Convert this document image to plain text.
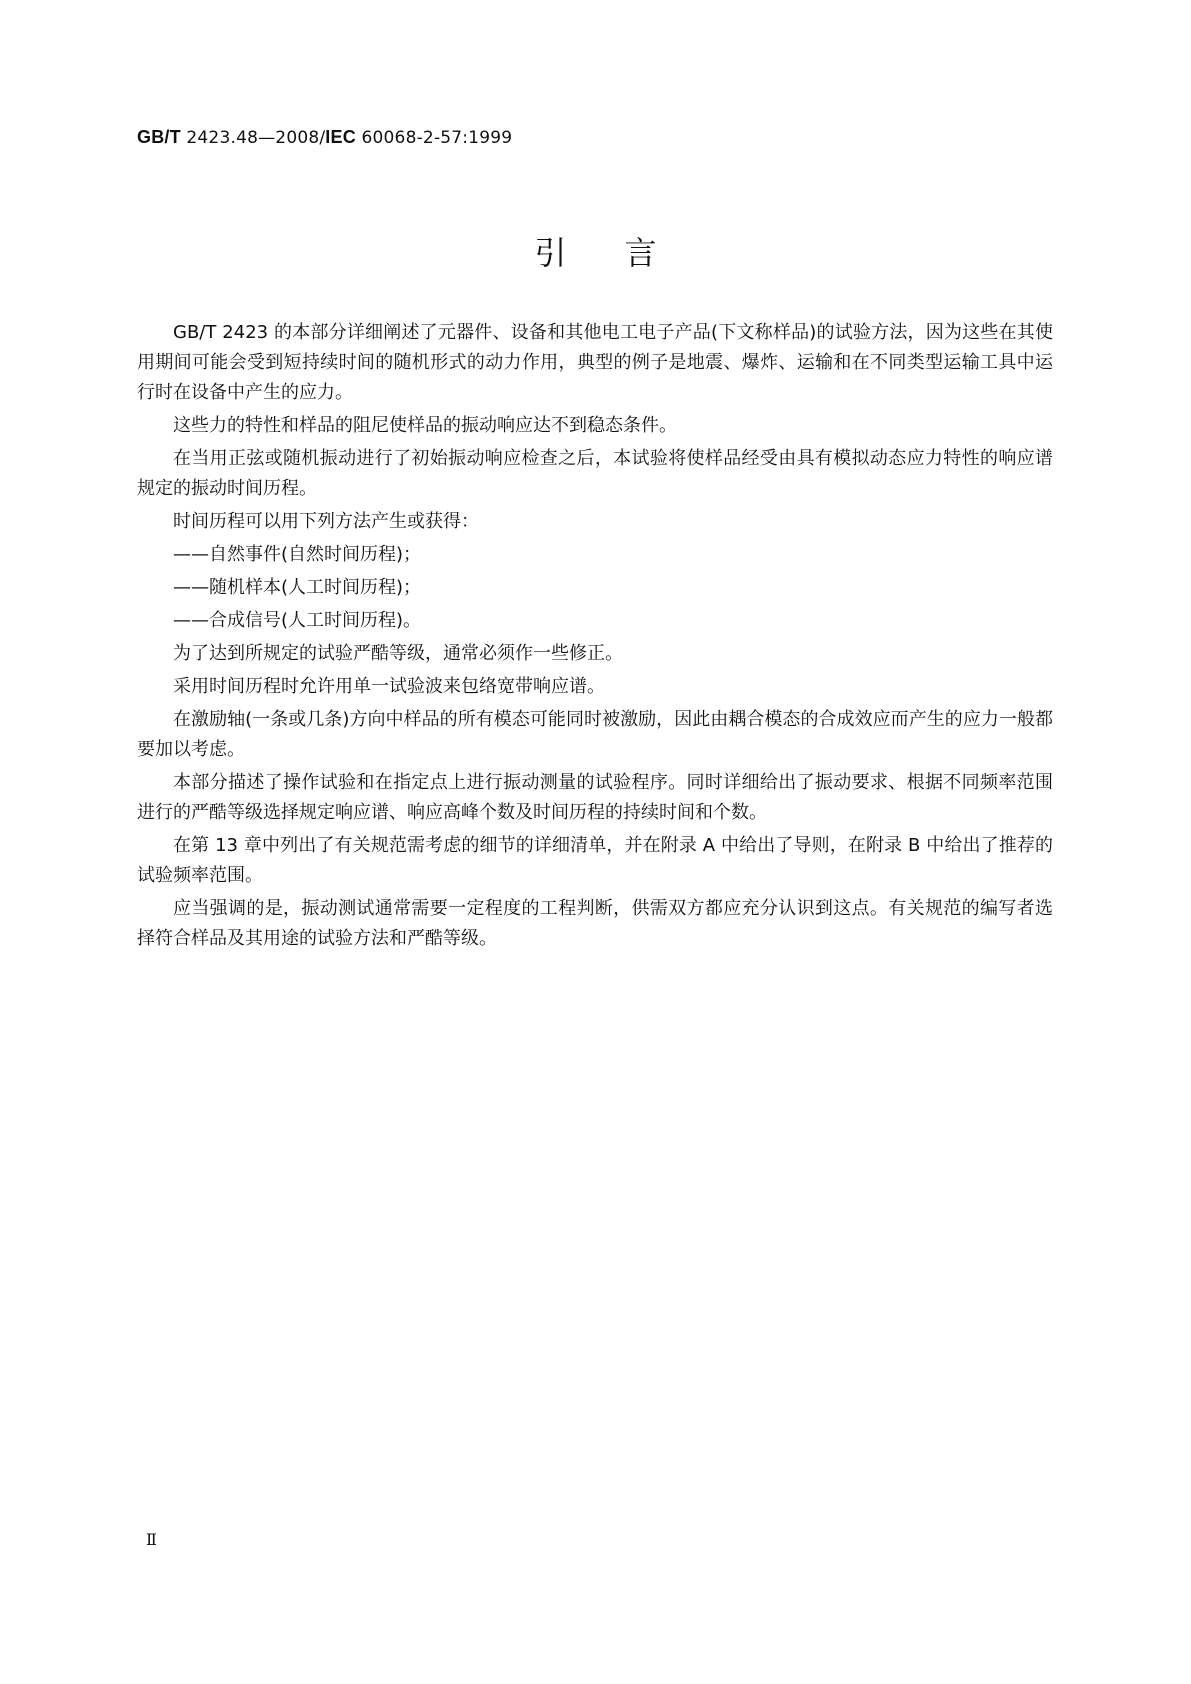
GB/T 2423.48—2008/IEC 60068-2-57:1999
引言

GB/T 2423 的本部分详细阐述了元器件、设备和其他电工电子产品(下文称样品)的试验方法，因为这些在其使用期间可能会受到短持续时间的随机形式的动力作用，典型的例子是地震、爆炸、运输和在不同类型运输工具中运行时在设备中产生的应力。

这些力的特性和样品的阻尼使样品的振动响应达不到稳态条件。

在当用正弦或随机振动进行了初始振动响应检查之后，本试验将使样品经受由具有模拟动态应力特性的响应谱规定的振动时间历程。

时间历程可以用下列方法产生或获得：

——自然事件(自然时间历程)；

——随机样本(人工时间历程)；

——合成信号(人工时间历程)。

为了达到所规定的试验严酷等级，通常必须作一些修正。

采用时间历程时允许用单一试验波来包络宽带响应谱。

在激励轴(一条或几条)方向中样品的所有模态可能同时被激励，因此由耦合模态的合成效应而产生的应力一般都要加以考虑。

本部分描述了操作试验和在指定点上进行振动测量的试验程序。同时详细给出了振动要求、根据不同频率范围进行的严酷等级选择规定响应谱、响应高峰个数及时间历程的持续时间和个数。

在第 13 章中列出了有关规范需考虑的细节的详细清单，并在附录 A 中给出了导则，在附录 B 中给出了推荐的试验频率范围。

应当强调的是，振动测试通常需要一定程度的工程判断，供需双方都应充分认识到这点。有关规范的编写者选择符合样品及其用途的试验方法和严酷等级。

Ⅱ
